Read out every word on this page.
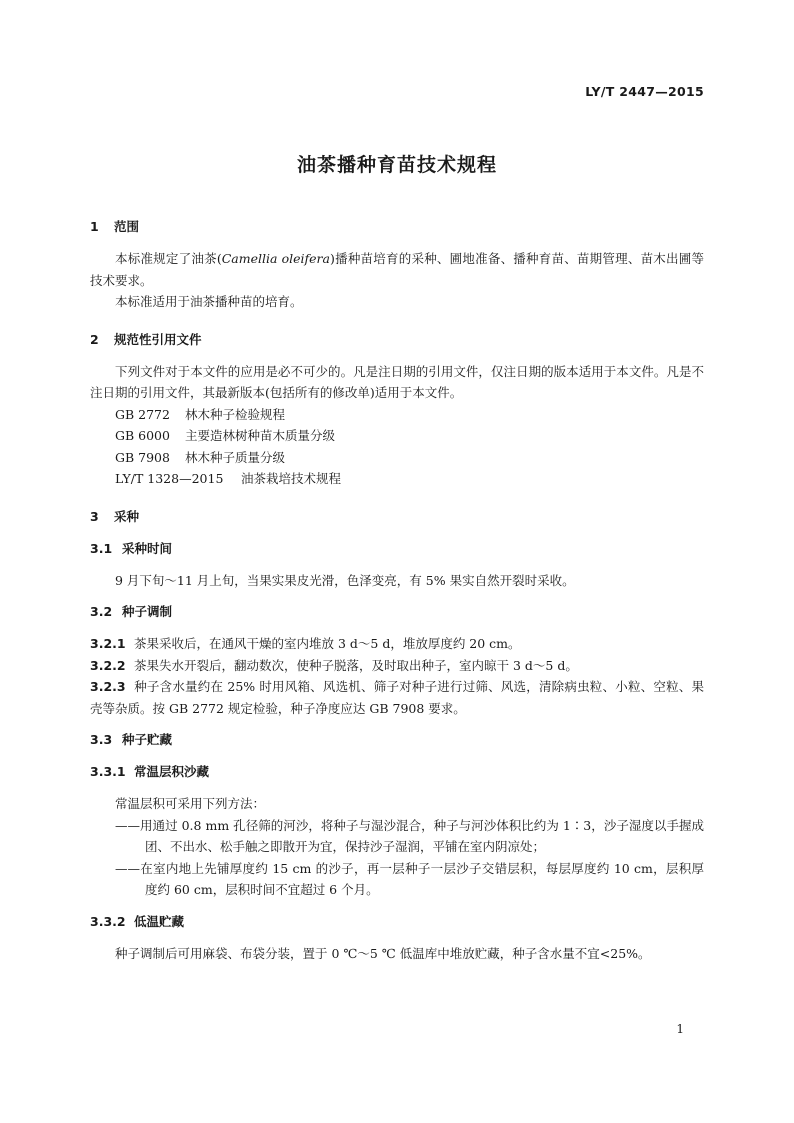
LY/T 2447—2015
油茶播种育苗技术规程

1 范围

本标准规定了油茶(Camellia oleifera)播种苗培育的采种、圃地准备、播种育苗、苗期管理、苗木出圃等技术要求。

本标准适用于油茶播种苗的培育。

2 规范性引用文件

下列文件对于本文件的应用是必不可少的。凡是注日期的引用文件，仅注日期的版本适用于本文件。凡是不注日期的引用文件，其最新版本(包括所有的修改单)适用于本文件。

GB 2772 林木种子检验规程

GB 6000 主要造林树种苗木质量分级

GB 7908 林木种子质量分级

LY/T 1328—2015 油茶栽培技术规程

3 采种

3.1 采种时间

9 月下旬～11 月上旬，当果实果皮光滑，色泽变亮，有 5% 果实自然开裂时采收。

3.2 种子调制

3.2.1 茶果采收后，在通风干燥的室内堆放 3 d～5 d，堆放厚度约 20 cm。

3.2.2 茶果失水开裂后，翻动数次，使种子脱落，及时取出种子，室内晾干 3 d～5 d。

3.2.3 种子含水量约在 25% 时用风箱、风选机、筛子对种子进行过筛、风选，清除病虫粒、小粒、空粒、果壳等杂质。按 GB 2772 规定检验，种子净度应达 GB 7908 要求。

3.3 种子贮藏

3.3.1 常温层积沙藏

常温层积可采用下列方法：

——用通过 0.8 mm 孔径筛的河沙，将种子与湿沙混合，种子与河沙体积比约为 1∶3，沙子湿度以手握成团、不出水、松手触之即散开为宜，保持沙子湿润，平铺在室内阴凉处；

——在室内地上先铺厚度约 15 cm 的沙子，再一层种子一层沙子交错层积，每层厚度约 10 cm，层积厚度约 60 cm，层积时间不宜超过 6 个月。

3.3.2 低温贮藏

种子调制后可用麻袋、布袋分装，置于 0 ℃～5 ℃ 低温库中堆放贮藏，种子含水量不宜<25%。

1
